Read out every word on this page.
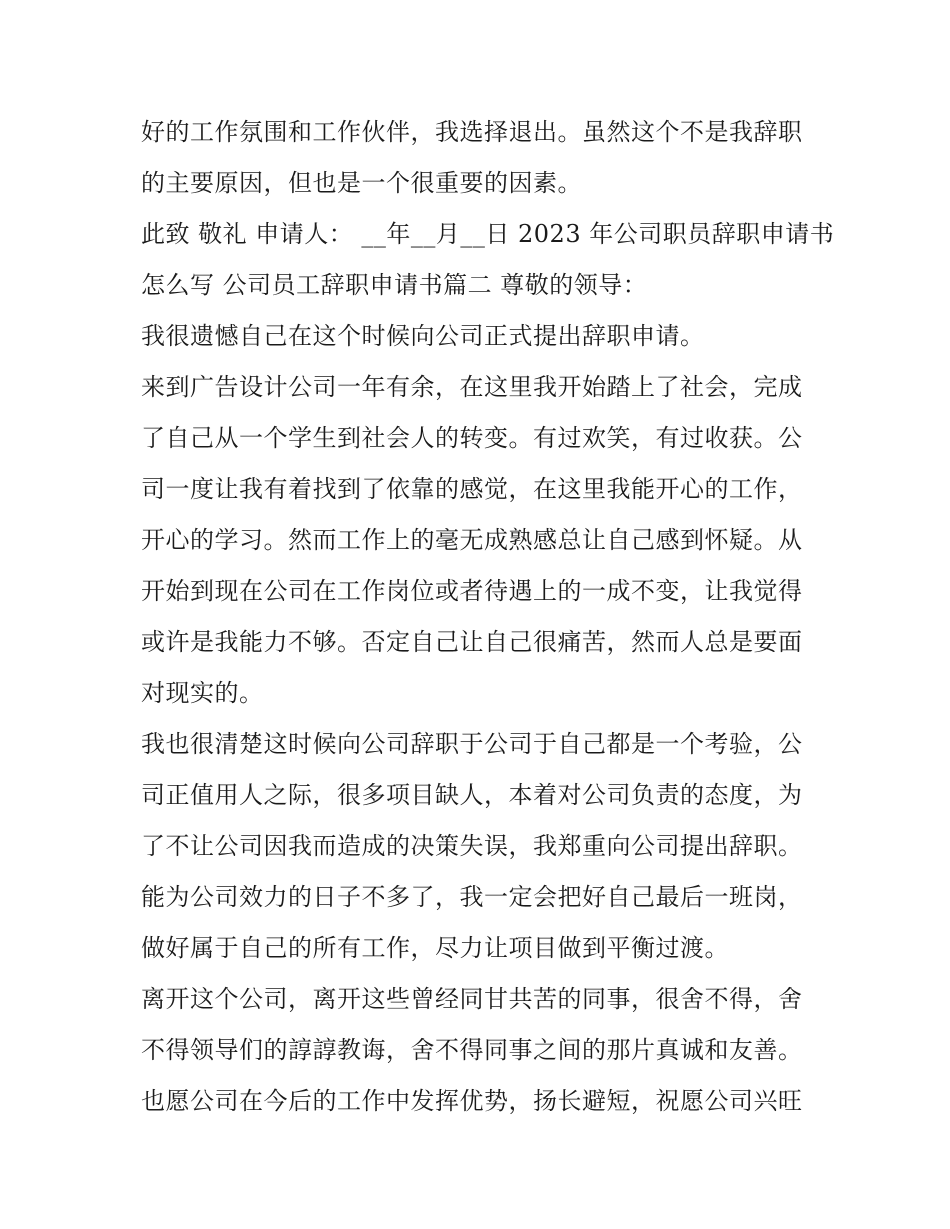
好的工作氛围和工作伙伴，我选择退出。虽然这个不是我辞职
的主要原因，但也是一个很重要的因素。
此致 敬礼 申请人： __年__月__日 2023 年公司职员辞职申请书
怎么写 公司员工辞职申请书篇二 尊敬的领导：
我很遗憾自己在这个时候向公司正式提出辞职申请。
来到广告设计公司一年有余，在这里我开始踏上了社会，完成
了自己从一个学生到社会人的转变。有过欢笑，有过收获。公
司一度让我有着找到了依靠的感觉，在这里我能开心的工作，
开心的学习。然而工作上的毫无成熟感总让自己感到怀疑。从
开始到现在公司在工作岗位或者待遇上的一成不变，让我觉得
或许是我能力不够。否定自己让自己很痛苦，然而人总是要面
对现实的。
我也很清楚这时候向公司辞职于公司于自己都是一个考验，公
司正值用人之际，很多项目缺人，本着对公司负责的态度，为
了不让公司因我而造成的决策失误，我郑重向公司提出辞职。
能为公司效力的日子不多了，我一定会把好自己最后一班岗，
做好属于自己的所有工作，尽力让项目做到平衡过渡。
离开这个公司，离开这些曾经同甘共苦的同事，很舍不得，舍
不得领导们的諄諄教诲，舍不得同事之间的那片真诚和友善。
也愿公司在今后的工作中发挥优势，扬长避短，祝愿公司兴旺
